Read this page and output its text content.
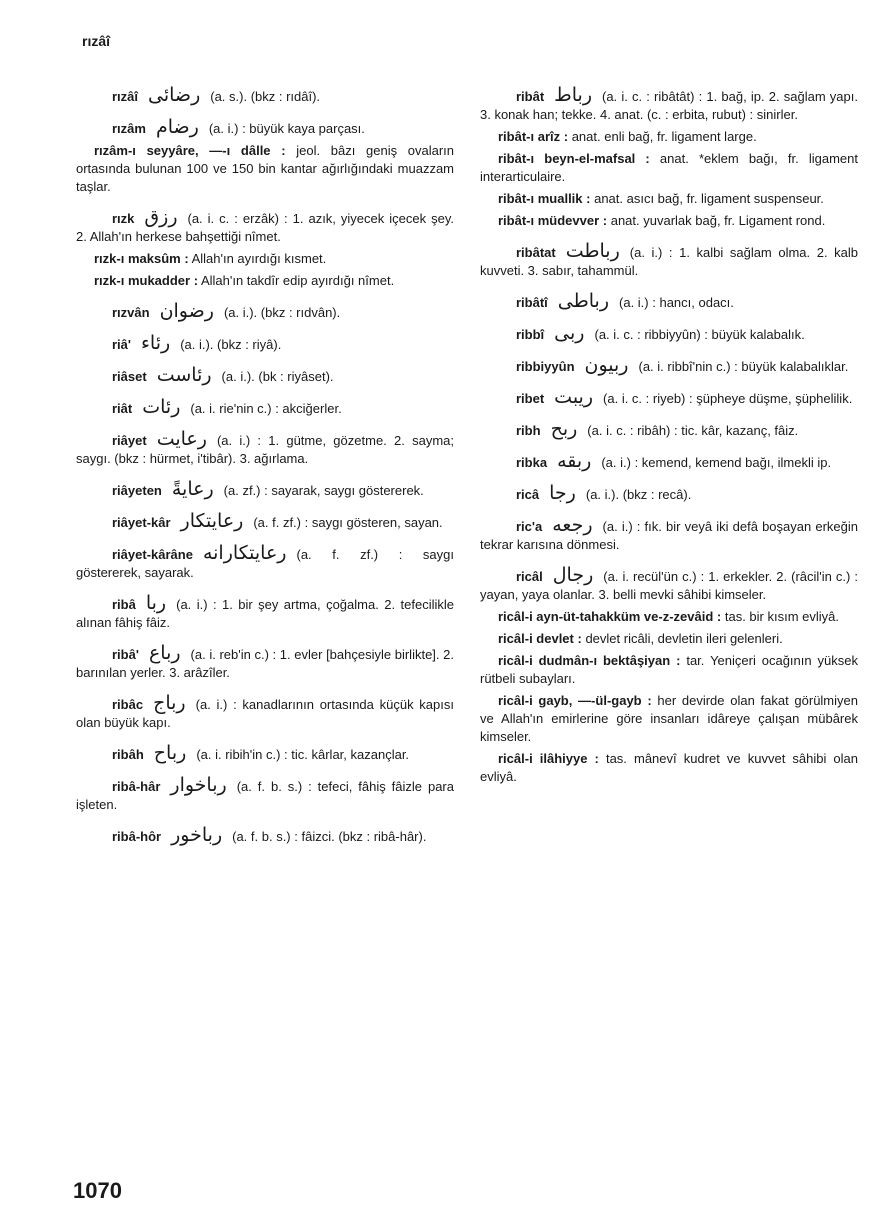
rızâî
rızâî رضائى (a. s.). (bkz : rıdâî).
rızâm رضام (a. i.) : büyük kaya parçası.
rızâm-ı seyyâre, —-ı dâlle : jeol. bâzı geniş ovaların ortasında bulunan 100 ve 150 bin kantar ağırlığındaki muazzam taşlar.
rızk رزق (a. i. c. : erzâk) : 1. azık, yiyecek içecek şey. 2. Allah'ın herkese bahşettiği nîmet.
rızk-ı maksûm : Allah'ın ayırdığı kısmet.
rızk-ı mukadder : Allah'ın takdîr edip ayırdığı nîmet.
rızvân رضوان (a. i.). (bkz : rıdvân).
riâ' رئاء (a. i.). (bkz : riyâ).
riâset رئاست (a. i.). (bk : riyâset).
riât رئات (a. i. rie'nin c.) : akciğerler.
riâyet رعايت (a. i.) : 1. gütme, gözetme. 2. sayma; saygı. (bkz : hürmet, i'tibâr). 3. ağırlama.
riâyeten رعايةً (a. zf.) : sayarak, saygı göstererek.
riâyet-kâr رعايتكار (a. f. zf.) : saygı gösteren, sayan.
riâyet-kârâne رعايتكارانه (a. f. zf.) : saygı göstererek, sayarak.
ribâ ربا (a. i.) : 1. bir şey artma, çoğalma. 2. tefecilikle alınan fâhiş fâiz.
ribâ' رباع (a. i. reb'in c.) : 1. evler [bahçesiyle birlikte]. 2. barınılan yerler. 3. arâzîler.
ribâc رباج (a. i.) : kanadlarının ortasında küçük kapısı olan büyük kapı.
ribâh رباح (a. i. ribih'in c.) : tic. kârlar, kazançlar.
ribâ-hâr رباخوار (a. f. b. s.) : tefeci, fâhiş fâizle para işleten.
ribâ-hôr رباخور (a. f. b. s.) : fâizci. (bkz : ribâ-hâr).
ribât رباط (a. i. c. : ribâtât) : 1. bağ, ip. 2. sağlam yapı. 3. konak han; tekke. 4. anat. (c. : erbita, rubut) : sinirler.
ribât-ı arîz : anat. enli bağ, fr. ligament large.
ribât-ı beyn-el-mafsal : anat. *eklem bağı, fr. ligament interarticulaire.
ribât-ı muallik : anat. asıcı bağ, fr. ligament suspenseur.
ribât-ı müdevver : anat. yuvarlak bağ, fr. Ligament rond.
ribâtat رباطت (a. i.) : 1. kalbi sağlam olma. 2. kalb kuvveti. 3. sabır, tahammül.
ribâtî رباطى (a. i.) : hancı, odacı.
ribbî ربى (a. i. c. : ribbiyyûn) : büyük kalabalık.
ribbiyyûn ربيون (a. i. ribbî'nin c.) : büyük kalabalıklar.
ribet ريبت (a. i. c. : riyeb) : şüpheye düşme, şüphelilik.
ribh ربح (a. i. c. : ribâh) : tic. kâr, kazanç, fâiz.
ribka ربقه (a. i.) : kemend, kemend bağı, ilmekli ip.
ricâ رجا (a. i.). (bkz : recâ).
ric'a رجعه (a. i.) : fık. bir veyâ iki defâ boşayan erkeğin tekrar karısına dönmesi.
ricâl رجال (a. i. recül'ün c.) : 1. erkekler. 2. (râcil'in c.) : yayan, yaya olanlar. 3. belli mevki sâhibi kimseler.
ricâl-i ayn-üt-tahakküm ve-z-zevâid : tas. bir kısım evliyâ.
ricâl-i devlet : devlet ricâli, devletin ileri gelenleri.
ricâl-i dudmân-ı bektâşiyan : tar. Yeniçeri ocağının yüksek rütbeli subayları.
ricâl-i gayb, —-ül-gayb : her devirde olan fakat görülmiyen ve Allah'ın emirlerine göre insanları idâreye çalışan mübârek kimseler.
ricâl-i ilâhiyye : tas. mânevî kudret ve kuvvet sâhibi olan evliyâ.
1070
